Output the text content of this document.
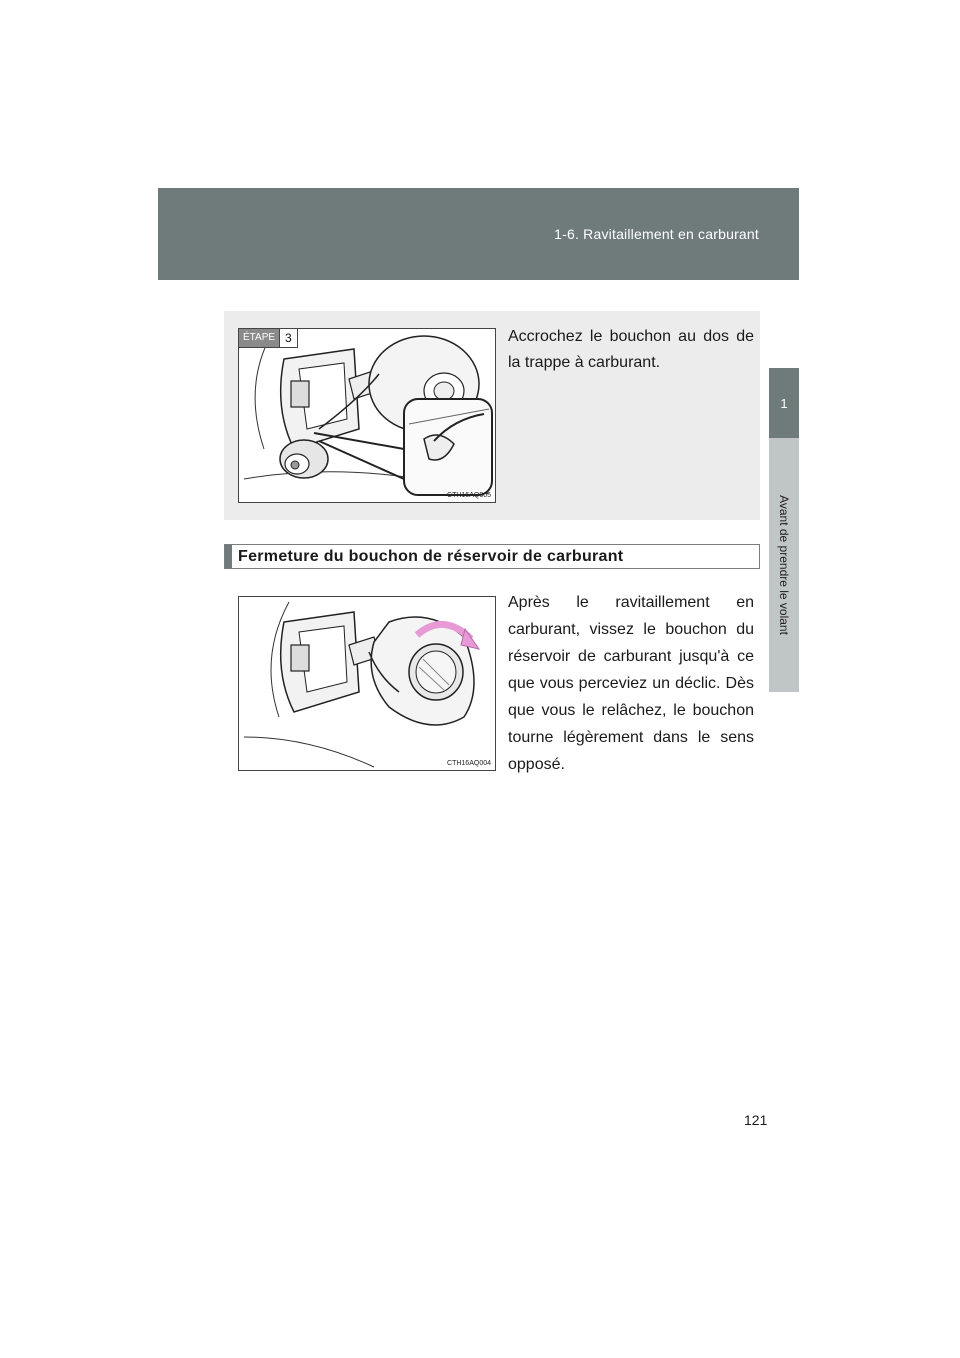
1-6. Ravitaillement en carburant
1
Avant de prendre le volant
ÉTAPE 3
CTH16AQ005
Accrochez le bouchon au dos de la trappe à carburant.
Fermeture du bouchon de réservoir de carburant
CTH16AQ004
Après le ravitaillement en carburant, vissez le bouchon du réservoir de carburant jusqu'à ce que vous perceviez un déclic. Dès que vous le relâchez, le bouchon tourne légèrement dans le sens opposé.
121
